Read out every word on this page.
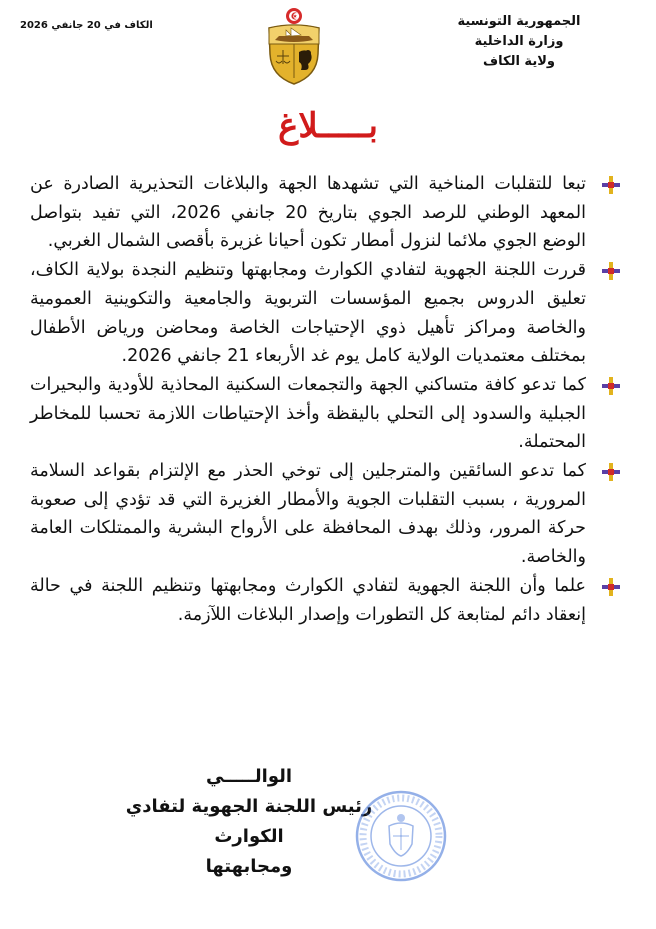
الجمهورية التونسية
وزارة الداخلية
ولاية الكاف
الكاف في 20 جانفي 2026
بـــــلاغ
تبعا للتقلبات المناخية التي تشهدها الجهة والبلاغات التحذيرية الصادرة عن المعهد الوطني للرصد الجوي بتاريخ 20 جانفي 2026، التي تفيد بتواصل الوضع الجوي ملائما لنزول أمطار تكون أحيانا غزيرة بأقصى الشمال الغربي.
قررت اللجنة الجهوية لتفادي الكوارث ومجابهتها وتنظيم النجدة بولاية الكاف، تعليق الدروس بجميع المؤسسات التربوية والجامعية والتكوينية العمومية والخاصة ومراكز تأهيل ذوي الإحتياجات الخاصة ومحاضن ورياض الأطفال بمختلف معتمديات الولاية كامل يوم غد الأربعاء 21 جانفي 2026.
كما تدعو كافة متساكني الجهة والتجمعات السكنية المحاذية للأودية والبحيرات الجبلية والسدود إلى التحلي باليقظة وأخذ الإحتياطات اللازمة تحسبا للمخاطر المحتملة.
كما تدعو السائقين والمترجلين إلى توخي الحذر مع الإلتزام بقواعد السلامة المرورية ، بسبب التقلبات الجوية والأمطار الغزيرة التي قد تؤدي إلى صعوبة حركة المرور، وذلك بهدف المحافظة على الأرواح البشرية والممتلكات العامة والخاصة.
علما وأن اللجنة الجهوية لتفادي الكوارث ومجابهتها وتنظيم اللجنة في حالة إنعقاد دائم لمتابعة كل التطورات وإصدار البلاغات اللآزمة.
الوالـــــي
رئيس اللجنة الجهوية لتفادي الكوارث
ومجابهتها
